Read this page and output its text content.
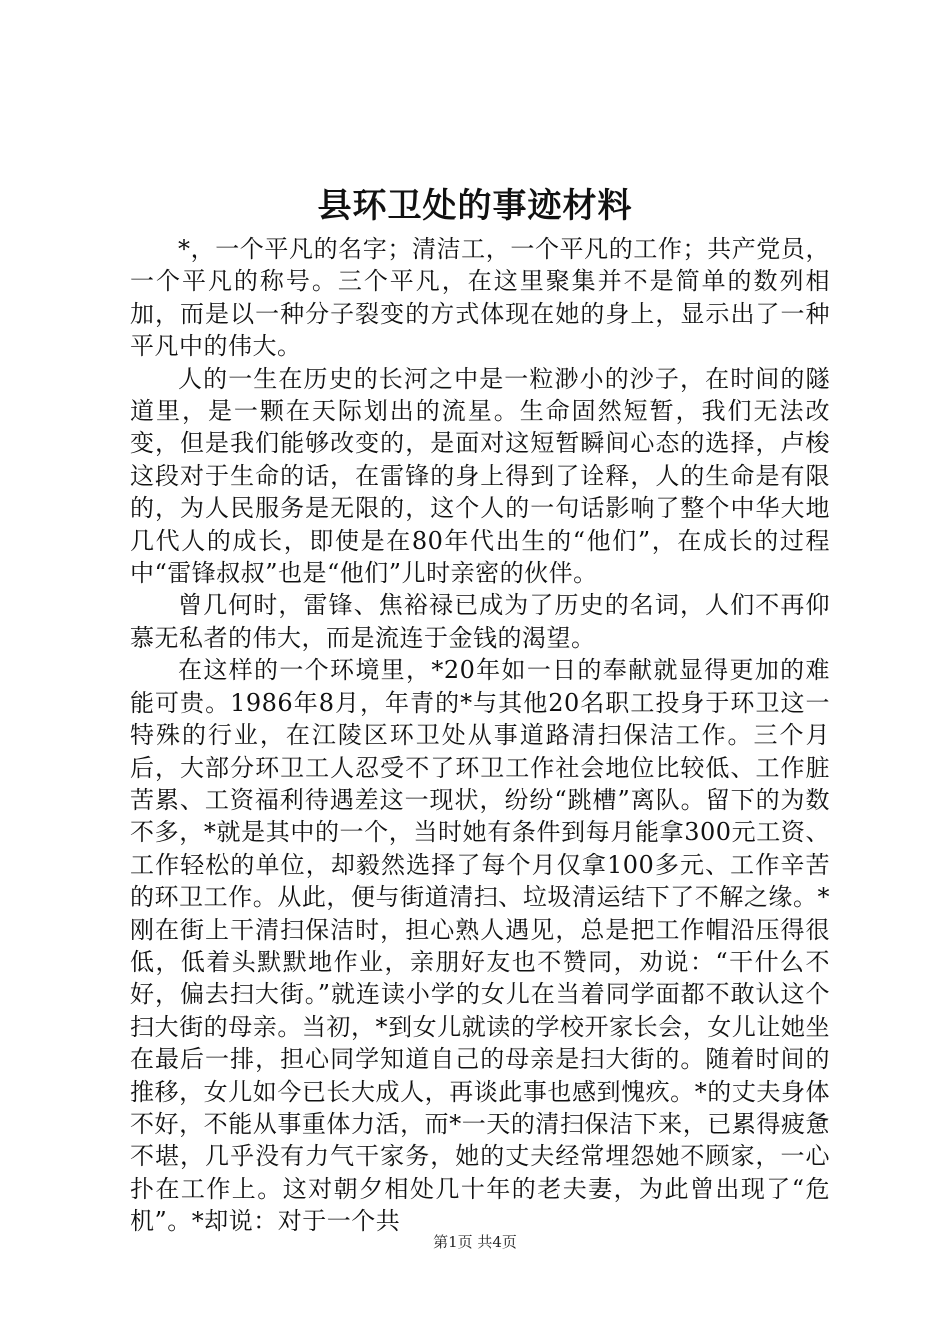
县环卫处的事迹材料

*，一个平凡的名字；清洁工，一个平凡的工作；共产党员，一个平凡的称号。三个平凡，在这里聚集并不是简单的数列相加，而是以一种分子裂变的方式体现在她的身上，显示出了一种平凡中的伟大。

人的一生在历史的长河之中是一粒渺小的沙子，在时间的隧道里，是一颗在天际划出的流星。生命固然短暂，我们无法改变，但是我们能够改变的，是面对这短暂瞬间心态的选择，卢梭这段对于生命的话，在雷锋的身上得到了诠释，人的生命是有限的，为人民服务是无限的，这个人的一句话影响了整个中华大地几代人的成长，即使是在80年代出生的“他们”，在成长的过程中“雷锋叔叔”也是“他们”儿时亲密的伙伴。

曾几何时，雷锋、焦裕禄已成为了历史的名词，人们不再仰慕无私者的伟大，而是流连于金钱的渴望。

在这样的一个环境里，*20年如一日的奉献就显得更加的难能可贵。1986年8月，年青的*与其他20名职工投身于环卫这一特殊的行业，在江陵区环卫处从事道路清扫保洁工作。三个月后，大部分环卫工人忍受不了环卫工作社会地位比较低、工作脏苦累、工资福利待遇差这一现状，纷纷“跳槽”离队。留下的为数不多，*就是其中的一个，当时她有条件到每月能拿300元工资、工作轻松的单位，却毅然选择了每个月仅拿100多元、工作辛苦的环卫工作。从此，便与街道清扫、垃圾清运结下了不解之缘。*刚在街上干清扫保洁时，担心熟人遇见，总是把工作帽沿压得很低，低着头默默地作业，亲朋好友也不赞同，劝说：“干什么不好，偏去扫大街。”就连读小学的女儿在当着同学面都不敢认这个扫大街的母亲。当初，*到女儿就读的学校开家长会，女儿让她坐在最后一排，担心同学知道自己的母亲是扫大街的。随着时间的推移，女儿如今已长大成人，再谈此事也感到愧疚。*的丈夫身体不好，不能从事重体力活，而*一天的清扫保洁下来，已累得疲惫不堪，几乎没有力气干家务，她的丈夫经常埋怨她不顾家，一心扑在工作上。这对朝夕相处几十年的老夫妻，为此曾出现了“危机”。*却说：对于一个共

第1页 共4页
